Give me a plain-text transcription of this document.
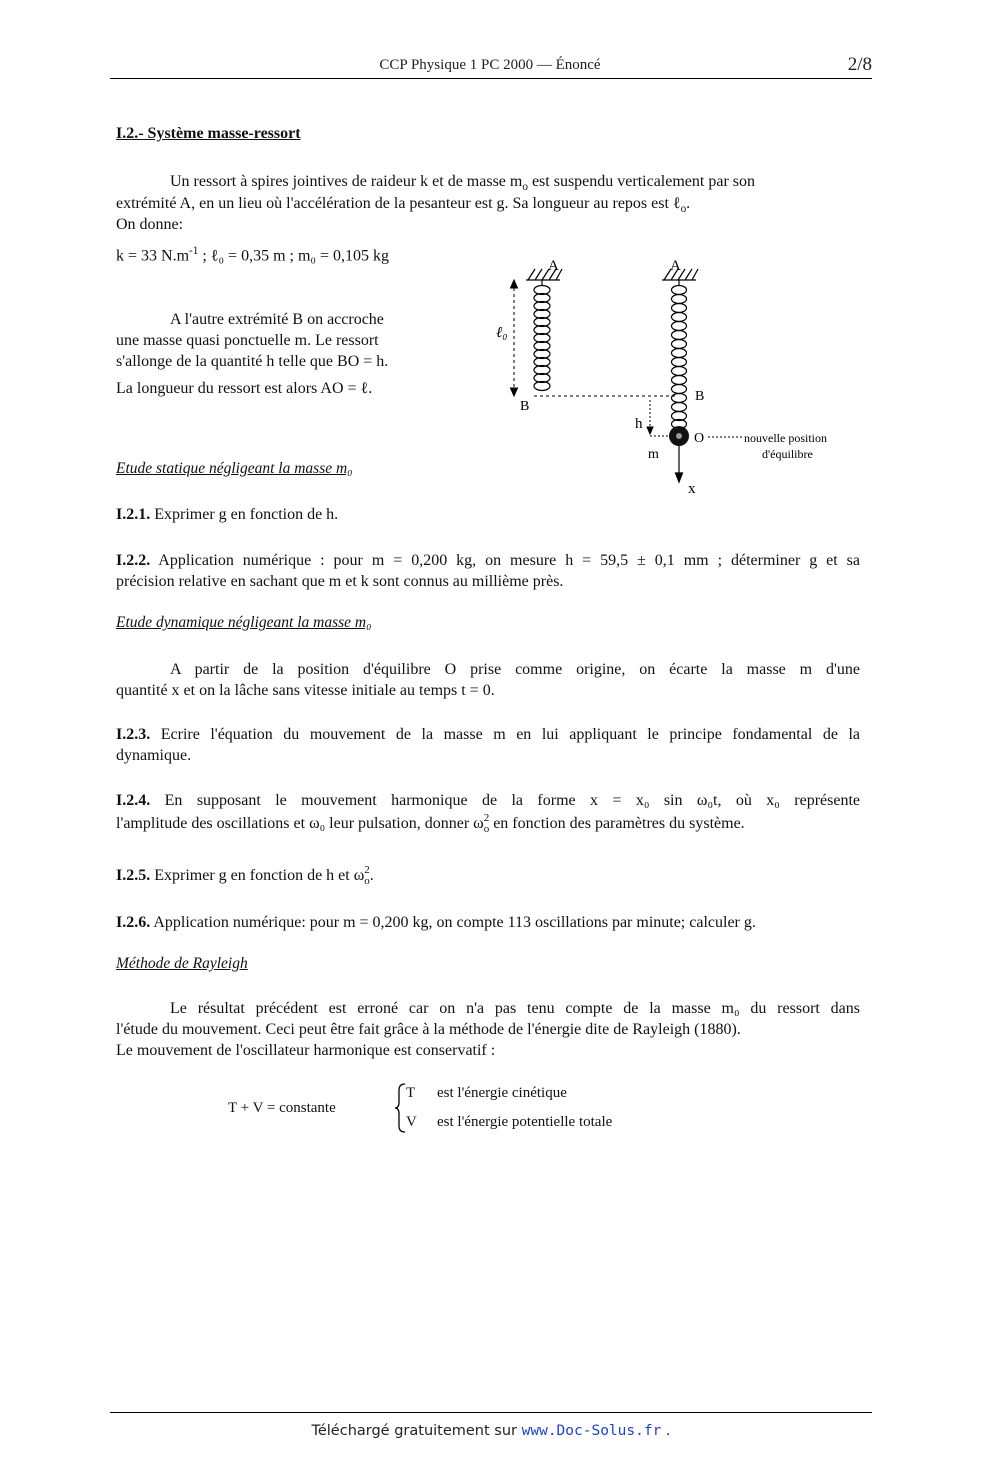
CCP Physique 1 PC 2000 — Énoncé	2/8
I.2.- Système masse-ressort
Un ressort à spires jointives de raideur k et de masse $m_o$ est suspendu verticalement par son
extrémité A, en un lieu où l'accélération de la pesanteur est g. Sa longueur au repos est ℓ$_o$.
On donne:
k = 33 $N.m^{-1}$ ; ℓ₀ = 0,35 m ; m₀ = 0,105 kg
A l'autre extrémité B on accroche
une masse quasi ponctuelle m. Le ressort
s'allonge de la quantité h telle que BO = h.
La longueur du ressort est alors AO = ℓ.
A
ℓ₀
B
A
B
h
O	nouvelle position
d'équilibre
m
x
Etude statique négligeant la masse m₀
I.2.1. Exprimer g en fonction de h.
I.2.2. Application numérique : pour m = 0,200 kg, on mesure h = 59,5 ± 0,1 mm ; déterminer g et sa
précision relative en sachant que m et k sont connus au millième près.
Etude dynamique négligeant la masse m₀
A partir de la position d'équilibre O prise comme origine, on écarte la masse m d'une
quantité x et on la lâche sans vitesse initiale au temps t = 0.
I.2.3. Ecrire l'équation du mouvement de la masse m en lui appliquant le principe fondamental de la
dynamique.
I.2.4. En supposant le mouvement harmonique de la forme x = x₀ sin ω₀t, où x₀ représente
l'amplitude des oscillations et ω₀ leur pulsation, donner ω 2
o en fonction des paramètres du système.
I.2.5. Exprimer g en fonction de h et ω 2
o .
I.2.6. Application numérique: pour m = 0,200 kg, on compte 113 oscillations par minute; calculer g.
Méthode de Rayleigh
Le résultat précédent est erroné car on n'a pas tenu compte de la masse m₀ du ressort dans
l'étude du mouvement. Ceci peut être fait grâce à la méthode de l'énergie dite de Rayleigh (1880).
Le mouvement de l'oscillateur harmonique est conservatif :
T + V = constante
T est l'énergie cinétique
V est l'énergie potentielle totale
Téléchargé gratuitement sur www.Doc-Solus.fr .
